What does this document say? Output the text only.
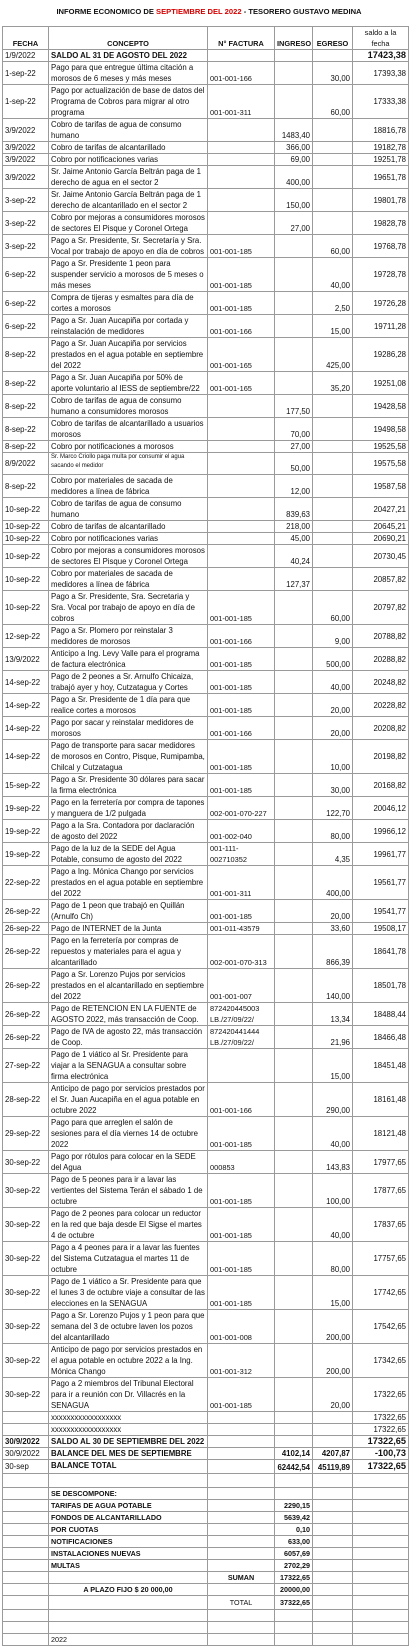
INFORME ECONOMICO DE SEPTIEMBRE DEL 2022 - TESORERO GUSTAVO MEDINA
FECHA	CONCEPTO	N° FACTURA	INGRESO	EGRESO	saldo a la fecha
1/9/2022	SALDO AL 31 DE AGOSTO DEL 2022				17423,38
1-sep-22	Pago para que entregue última citación a morosos de 6 meses y más meses	001-001-166		30,00	17393,38
1-sep-22	Pago por actualización de base de datos del Programa de Cobros para migrar al otro programa	001-001-311		60,00	17333,38
3/9/2022	Cobro de tarifas de agua de consumo humano		1483,40		18816,78
3/9/2022	Cobro de tarifas de alcantarillado		366,00		19182,78
3/9/2022	Cobro por notificaciones varias		69,00		19251,78
3/9/2022	Sr. Jaime Antonio García Beltrán paga de 1 derecho de agua en el sector 2		400,00		19651,78
3-sep-22	Sr. Jaime Antonio García Beltrán paga de 1 derecho de alcantarillado en el sector 2		150,00		19801,78
3-sep-22	Cobro por mejoras a consumidores morosos de sectores El Pisque y Coronel Ortega		27,00		19828,78
3-sep-22	Pago a Sr. Presidente, Sr. Secretaría y Sra. Vocal por trabajo de apoyo en día de cobros	001-001-185		60,00	19768,78
6-sep-22	Pago a Sr. Presidente 1 peon para suspender servicio a morosos de 5 meses o más meses	001-001-185		40,00	19728,78
6-sep-22	Compra de tijeras y esmaltes para día de cortes a morosos	001-001-185		2,50	19726,28
6-sep-22	Pago a Sr. Juan Aucapiña por cortada y reinstalación de medidores	001-001-166		15,00	19711,28
8-sep-22	Pago a Sr. Juan Aucapiña por servicios prestados en el agua potable en septiembre del 2022	001-001-165		425,00	19286,28
8-sep-22	Pago a Sr. Juan Aucapiña por 50% de aporte voluntario al IESS de septiembre/22	001-001-165		35,20	19251,08
8-sep-22	Cobro de tarifas de agua de consumo humano a consumidores morosos		177,50		19428,58
8-sep-22	Cobro de tarifas de alcantarillado a usuarios morosos		70,00		19498,58
8-sep-22	Cobro por notificaciones a morosos		27,00		19525,58
8/9/2022	Sr. Marco Criollo paga multa por consumir el agua sacando el medidor		50,00		19575,58
8-sep-22	Cobro por materiales de sacada de medidores a línea de fábrica		12,00		19587,58
10-sep-22	Cobro de tarifas de agua de consumo humano		839,63		20427,21
10-sep-22	Cobro de tarifas de alcantarillado		218,00		20645,21
10-sep-22	Cobro por notificaciones varias		45,00		20690,21
10-sep-22	Cobro por mejoras a consumidores morosos de sectores El Pisque y Coronel Ortega		40,24		20730,45
10-sep-22	Cobro por materiales de sacada de medidores a línea de fábrica		127,37		20857,82
10-sep-22	Pago a Sr. Presidente, Sra. Secretaria y Sra. Vocal por trabajo de apoyo en día de cobros	001-001-185		60,00	20797,82
12-sep-22	Pago a Sr. Plomero por reinstalar 3 medidores de morosos	001-001-166		9,00	20788,82
13/9/2022	Anticipo a Ing. Levy Valle para el programa de factura electrónica	001-001-185		500,00	20288,82
14-sep-22	Pago de 2 peones a Sr. Arnulfo Chicaiza, trabajó ayer y hoy, Cutzatagua y Cortes	001-001-185		40,00	20248,82
14-sep-22	Pago a Sr. Presidente de 1 día para que realice cortes a morosos	001-001-185		20,00	20228,82
14-sep-22	Pago por sacar y reinstalar medidores de morosos	001-001-166		20,00	20208,82
14-sep-22	Pago de transporte para sacar medidores de morosos en Contro, Pisque, Rumipamba, Chilcal y Cutzatagua	001-001-185		10,00	20198,82
15-sep-22	Pago a Sr. Presidente 30 dólares para sacar la firma electrónica	001-001-185		30,00	20168,82
19-sep-22	Pago en la ferretería por compra de tapones y manguera de 1/2 pulgada	002-001-070-227		122,70	20046,12
19-sep-22	Pago a la Sra. Contadora por daclaración de agosto del 2022	001-002-040		80,00	19966,12
19-sep-22	Pago de la luz de la SEDE del Agua Potable, consumo de agosto del 2022	001-111-002710352		4,35	19961,77
22-sep-22	Pago a Ing. Mónica Chango por servicios prestados en el agua potable en septiembre del 2022	001-001-311		400,00	19561,77
26-sep-22	Pago de 1 peon que trabajó en Quillán (Arnulfo Ch)	001-001-185		20,00	19541,77
26-sep-22	Pago de INTERNET de la Junta	001-011-43579		33,60	19508,17
26-sep-22	Pago en la ferretería por compras de repuestos y materiales para el agua y alcantarillado	002-001-070-313		866,39	18641,78
26-sep-22	Pago a Sr. Lorenzo Pujos por servicios prestados en el alcantarillado en septiembre del 2022	001-001-007		140,00	18501,78
26-sep-22	Pago de RETENCION EN LA FUENTE de AGOSTO 2022, más transacción de Coop.	872420445003 LB./27/09/22/		13,34	18488,44
26-sep-22	Pago de IVA de agosto 22, más transacción de Coop.	872420441444 LB./27/09/22/		21,96	18466,48
27-sep-22	Pago de 1 viático al Sr. Presidente para viajar a la SENAGUA a consultar sobre firma electrónica			15,00	18451,48
28-sep-22	Anticipo de pago por servicios prestados por el Sr. Juan Aucapiña en el agua potable en octubre 2022	001-001-166		290,00	18161,48
29-sep-22	Pago para que arreglen el salón de sesiones para el día viernes 14 de octubre 2022	001-001-185		40,00	18121,48
30-sep-22	Pago por rótulos para colocar en la SEDE del Agua	000853		143,83	17977,65
30-sep-22	Pago de 5 peones para ir a lavar las vertientes del Sistema Terán el sábado 1 de octubre	001-001-185		100,00	17877,65
30-sep-22	Pago de 2 peones para colocar un reductor en la red que baja desde El Sigse el martes 4 de octubre	001-001-185		40,00	17837,65
30-sep-22	Pago a 4 peones para ir a lavar las fuentes del Sistema Cutzatagua el martes 11 de octubre	001-001-185		80,00	17757,65
30-sep-22	Pago de 1 viático a Sr. Presidente para que el lunes 3 de octubre viaje a consultar de las elecciones en la SENAGUA	001-001-185		15,00	17742,65
30-sep-22	Pago a Sr. Lorenzo Pujos y 1 peon para que semana del 3 de octubre laven los pozos del alcantarillado	001-001-008		200,00	17542,65
30-sep-22	Anticipo de pago por servicios prestados en el agua potable en octubre 2022 a la Ing. Mónica Chango	001-001-312		200,00	17342,65
30-sep-22	Pago a 2 miembros del Tribunal Electoral para ir a reunión con Dr. Villacrés en la SENAGUA	001-001-185		20,00	17322,65
	xxxxxxxxxxxxxxxxxx				17322,65
	xxxxxxxxxxxxxxxxxx				17322,65
30/9/2022	SALDO AL 30 DE SEPTIEMBRE DEL 2022				17322,65
30/9/2022	BALANCE DEL MES DE SEPTIEMBRE		4102,14	4207,87	-100,73
30-sep	BALANCE TOTAL		62442,54	45119,89	17322,65

	SE DESCOMPONE:				
	TARIFAS DE AGUA POTABLE		2290,15		
	FONDOS DE ALCANTARILLADO		5639,42		
	POR CUOTAS		0,10		
	NOTIFICACIONES		633,00		
	INSTALACIONES NUEVAS		6057,69		
	MULTAS		2702,29		
		SUMAN	17322,65		
	A PLAZO FIJO $ 20 000,00		20000,00		
		TOTAL	37322,65		

	2022				
